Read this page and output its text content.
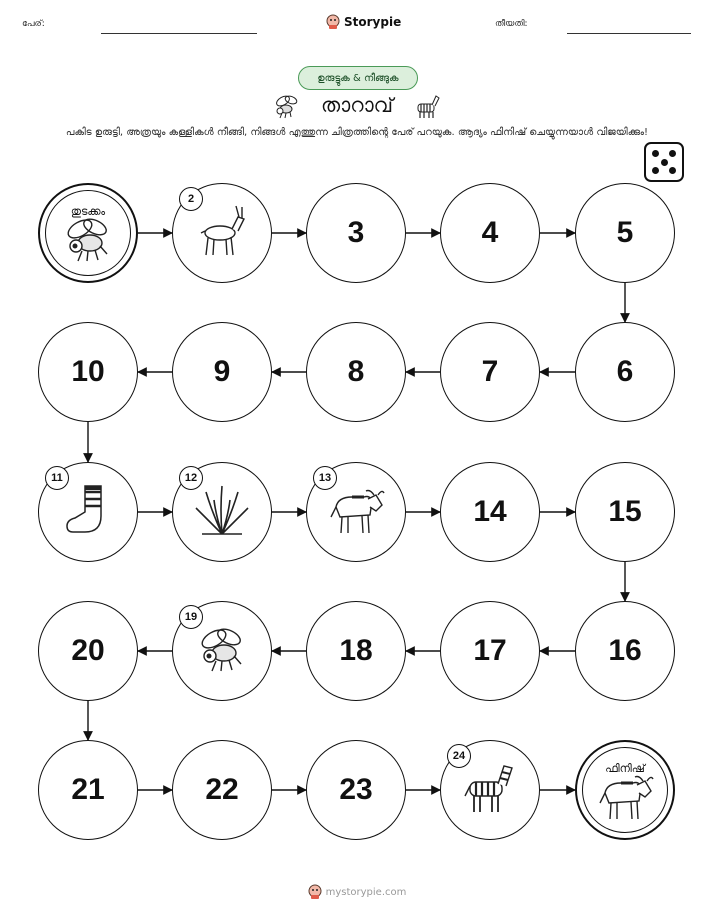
പേര്:	Storypie	തീയതി:
ഉരുട്ടുക & നീങ്ങുക
താറാവ്
പകിട ഉരുട്ടി, അത്രയും കള്ളികൾ നീങ്ങി, നിങ്ങൾ എത്തുന്ന ചിത്രത്തിന്റെ പേര് പറയുക. ആദ്യം ഫിനിഷ് ചെയ്യുന്നയാൾ വിജയിക്കും!
തുടക്കം
2
3	4	5
6
7
8
9
10
11	12	13
14	15
16
17
18
19
20
21	22	23
24
ഫിനിഷ്
mystorypie.com
